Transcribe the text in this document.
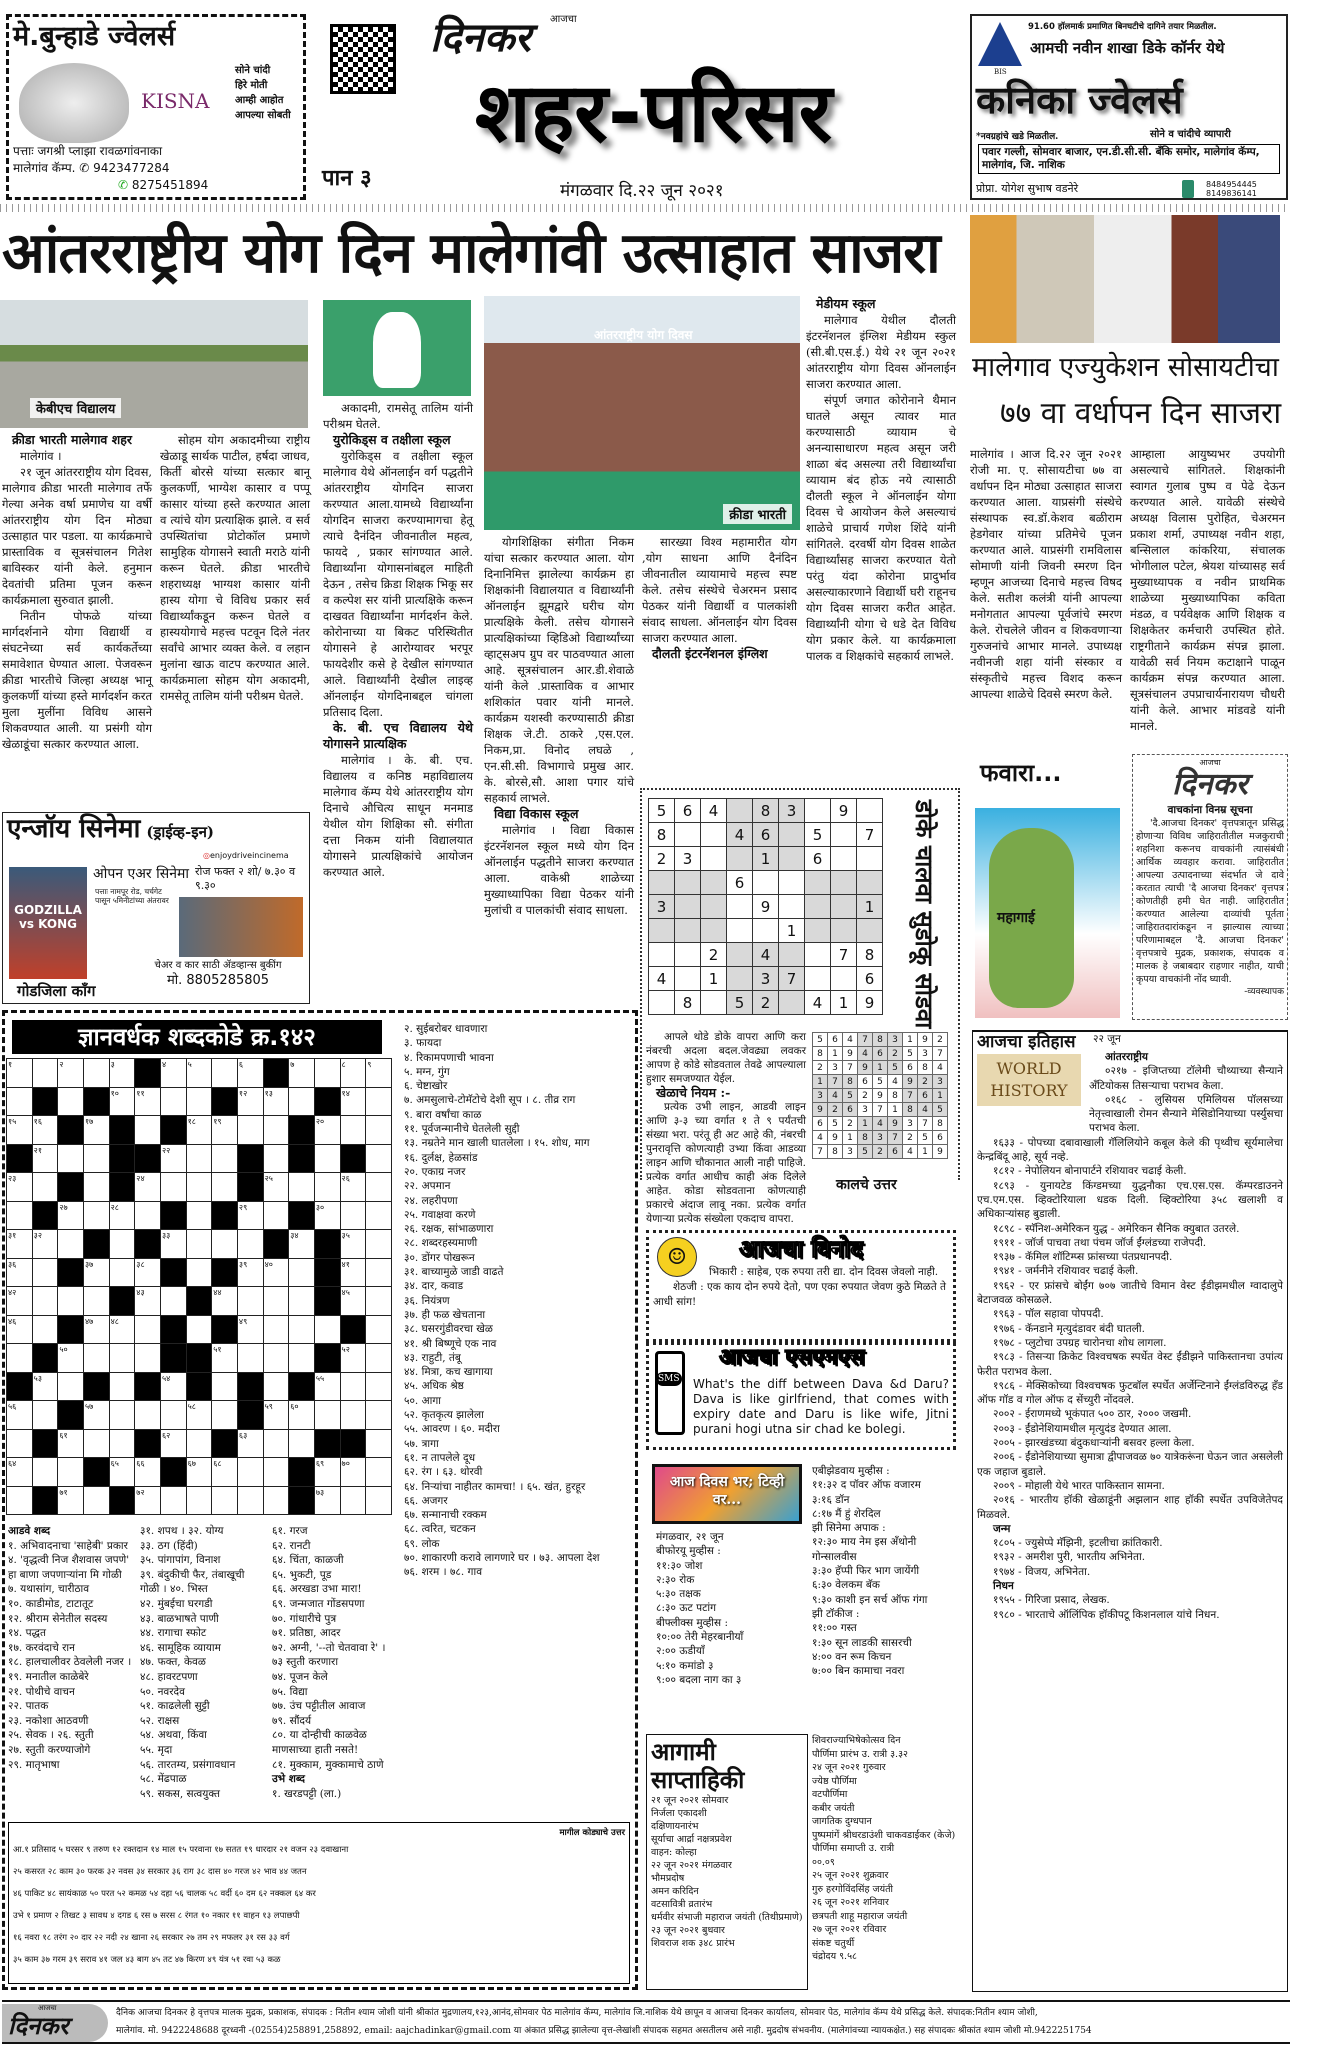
मे.बुन्हाडे ज्वेलर्स
KISNA
सोने चांदी
हिरे मोती
आम्ही आहोत
आपल्या सोबती
पत्ताः जगश्री प्लाझा रावळगांवनाका
मालेगांव कॅम्प. ✆ 9423477284
✆ 8275451894	पान ३
आजचा
दिनकर
शहर-परिसर
मंगळवार दि.२२ जून २०२१
BIS
91.60 हॉलमार्क प्रमाणित बिनघटीचे दागिने तयार मिळतील.
आमची नवीन शाखा डिके कॉर्नर येथे
कनिका ज्वेलर्स
*नवग्रहांचे खडे मिळतील.	सोने व चांदीचे व्यापारी
पवार गल्ली, सोमवार बाजार, एन.डी.सी.सी. बँकि समोर, मालेगांव कॅम्प, मालेगांव, जि. नाशिक
प्रोप्रा. योगेश सुभाष वडनेरे	8484954445
8149836141
आंतरराष्ट्रीय योग दिन मालेगांवी उत्साहात साजरा
केबीएच विद्यालय
आंतरराष्ट्रीय योग दिवस
क्रीडा भारती
क्रीडा भारती मालेगाव शहर

मालेगांव ।

२१ जून आंतरराष्ट्रीय योग दिवस, मालेगाव क्रीडा भारती मालेगाव तर्फे गेल्या अनेक वर्षा प्रमाणेच या वर्षी आंतरराष्ट्रीय योग दिन मोठ्या उत्साहात पार पडला. या कार्यक्रमाचे प्रास्ताविक व सूत्रसंचालन गितेश बाविस्कर यांनी केले. हनुमान देवतांची प्रतिमा पूजन करून कार्यक्रमाला सुरुवात झाली.

नितीन पोफळे यांच्या मार्गदर्शनाने योगा विद्यार्थी व संघटनेच्या सर्व कार्यकर्तेच्या समावेशात घेण्यात आला. पेजवरून क्रीडा भारतीचे जिल्हा अध्यक्ष भानू कुलकर्णी यांच्या हस्ते मार्गदर्शन करत मुला मुलींना विविध आसने शिकवण्यात आली. या प्रसंगी योग खेळाडूंचा सत्कार करण्यात आला.

सोहम योग अकादमीच्या राष्ट्रीय खेळाडू सार्थक पाटील, हर्षदा जाधव, किर्ती बोरसे यांच्या सत्कार बानू कुलकर्णी, भाग्येश कासार व पप्पू कासार यांच्या हस्ते करण्यात आला व त्यांचे योग प्रत्याक्षिक झाले. व सर्व उपस्थितांचा प्रोटोकॉल प्रमाणे सामुहिक योगासने स्वाती मराठे यांनी करून घेतले. क्रीडा भारतीचे शहराध्यक्ष भाग्यश कासार यांनी हास्य योगा चे विविध प्रकार सर्व विद्यार्थ्यांकडून करून घेतले व हास्ययोगाचे महत्त्व पटवून दिले नंतर सर्वांचे आभार व्यक्त केले. व लहान मुलांना खाऊ वाटप करण्यात आले. कार्यक्रमाला सोहम योग अकादमी, रामसेतू तालिम यांनी परीश्रम घेतले.

अकादमी, रामसेतू तालिम यांनी परीश्रम घेतले.

युरोकिड्स व तक्षीला स्कूल

युरोकिड्स व तक्षीला स्कूल मालेगाव येथे ऑनलाईन वर्ग पद्धतीने आंतरराष्ट्रीय योगदिन साजरा करण्यात आला.यामध्ये विद्यार्थ्यांना योगदिन साजरा करण्यामागचा हेतू त्याचे दैनंदिन जीवनातील महत्व, फायदे , प्रकार सांगण्यात आले. विद्यार्थ्यांना योगासनांबद्दल माहिती देऊन , तसेच क्रिडा शिक्षक भिकू सर व कल्पेश सर यांनी प्रात्यक्षिके करून दाखवत विद्यार्थ्यांना मार्गदर्शन केले. कोरोनाच्या या बिकट परिस्थितीत योगासने हे आरोग्यावर भरपूर फायदेशीर कसे हे देखील सांगण्यात आले. विद्यार्थ्यांनी देखील लाइव्ह ऑनलाईन योगदिनाबद्दल चांगला प्रतिसाद दिला.

के. बी. एच विद्यालय येथे योगासने प्रात्यक्षिक

मालेगांव । के. बी. एच. विद्यालय व कनिष्ठ महाविद्यालय मालेगाव कॅम्प येथे आंतरराष्ट्रीय योग दिनाचे औचित्य साधून मनमाड येथील योग शिक्षिका सौ. संगीता दत्ता निकम यांनी विद्यालयात योगासने प्रात्यक्षिकांचे आयोजन करण्यात आले.

योगशिक्षिका संगीता निकम यांचा सत्कार करण्यात आला. योग दिनानिमित्त झालेल्या कार्यक्रम हा शिक्षकांनी विद्यालयात व विद्यार्थ्यांनी ऑनलाईन झूमद्वारे घरीच योग प्रात्यक्षिके केली. तसेच योगासने प्रात्यक्षिकांच्या व्हिडिओ विद्यार्थ्यांच्या व्हाट्सअप ग्रुप वर पाठवण्यात आला आहे. सूत्रसंचालन आर.डी.शेवाळे यांनी केले .प्रास्ताविक व आभार शशिकांत पवार यांनी मानले. कार्यक्रम यशस्वी करण्यासाठी क्रीडा शिक्षक जे.टी. ठाकरे ,एस.एल. निकम,प्रा. विनोद लघळे , एन.सी.सी. विभागाचे प्रमुख आर. के. बोरसे,सौ. आशा पगार यांचे सहकार्य लाभले.

विद्या विकास स्कूल

मालेगांव । विद्या विकास इंटरनॅशनल स्कूल मध्ये योग दिन ऑनलाईन पद्धतीने साजरा करण्यात आला. वाकेश्री शाळेच्या मुख्याध्यापिका विद्या पेठकर यांनी मुलांची व पालकांची संवाद साधला.

सारख्या विश्व महामारीत योग ,योग साधना आणि दैनंदिन जीवनातील व्यायामाचे महत्त्व स्पष्ट केले. तसेच संस्थेचे चेअरमन प्रसाद पेठकर यांनी विद्यार्थी व पालकांशी संवाद साधला. ऑनलाईन योग दिवस साजरा करण्यात आला.

दौलती इंटरनॅशनल इंग्लिश
मेडीयम स्कूल

मालेगाव येथील दौलती इंटरनॅशनल इंग्लिश मेडीयम स्कुल (सी.बी.एस.ई.) येथे २१ जून २०२१ आंतरराष्ट्रीय योगा दिवस ऑनलाईन साजरा करण्यात आला.

संपूर्ण जगात कोरोनाने थैमान घातले असून त्यावर मात करण्यासाठी व्यायाम चे अनन्यासाधारण महत्व असून जरी शाळा बंद असल्या तरी विद्यार्थ्यांचा व्यायाम बंद होऊ नये त्यासाठी दौलती स्कूल ने ऑनलाईन योगा दिवस चे आयोजन केले असल्याचं शाळेचे प्राचार्य गणेश शिंदे यांनी सांगितले. दरवर्षी योग दिवस शाळेत विद्यार्थ्यांसह साजरा करण्यात येतो परंतु यंदा कोरोना प्रादुर्भाव असल्याकारणाने विद्यार्थी घरी राहूनच योग दिवस साजरा करीत आहेत. विद्यार्थ्यांनी योगा चे धडे देत विविध योग प्रकार केले. या कार्यक्रमाला पालक व शिक्षकांचे सहकार्य लाभले.

मालेगाव एज्युकेशन सोसायटीचा
७७ वा वर्धापन दिन साजरा
मालेगांव । आज दि.२२ जून २०२१ रोजी मा. ए. सोसायटीचा ७७ वा वर्धापन दिन मोठ्या उत्साहात साजरा करण्यात आला. याप्रसंगी संस्थेचे संस्थापक स्व.डॉ.केशव बळीराम हेडगेवार यांच्या प्रतिमेचे पूजन करण्यात आले. याप्रसंगी रामविलास सोमाणी यांनी जिवनी स्मरण दिन म्हणून आजच्या दिनाचे महत्त्व विषद केले. सतीश कलंत्री यांनी आपल्या मनोगतात आपल्या पूर्वजांचे स्मरण केले. रोचलेले जीवन व शिकवणाऱ्या गुरुजनांचे आभार मानले. उपाध्यक्ष नवीनजी शहा यांनी संस्कार व संस्कृतीचे महत्त्व विशद करून आपल्या शाळेचे दिवसे स्मरण केले.
आम्हाला आयुष्यभर उपयोगी असल्याचे सांगितले. शिक्षकांनी स्वागत गुलाब पुष्प व पेढे देऊन करण्यात आले. यावेळी संस्थेचे अध्यक्ष विलास पुरोहित, चेअरमन प्रकाश शर्मा, उपाध्यक्ष नवीन शहा, बन्सिलाल कांकरिया, संचालक भोगीलाल पटेल, श्रेयश यांच्यासह सर्व मुख्याध्यापक व नवीन प्राथमिक शाळेच्या मुख्याध्यापिका कविता मंडळ, व पर्यवेक्षक आणि शिक्षक व शिक्षकेतर कर्मचारी उपस्थित होते. राष्ट्रगीताने कार्यक्रम संपन्न झाला. यावेळी सर्व नियम कटाक्षाने पाळून कार्यक्रम संपन्न करण्यात आला. सूत्रसंचालन उपप्राचार्यनारायण चौधरी यांनी केले. आभार मांडवडे यांनी मानले.
एन्जॉय सिनेमा (ड्राईव्ह-इन)
◎enjoydriveincinema
GODZILLA vs KONG
ओपन एअर सिनेमा रोज फक्त २ शो/ ७.३० व ९.३०
पत्ताः नामपूर रोड, चर्चगेट पासून ५मिनीटांच्या अंतरावर
गोडजिला कॉंग
चेअर व कार साठी ॲडव्हान्स बुकींग
मो. 8805285805
ज्ञानवर्धक शब्दकोडे क्र.१४२
१		२		३		४	५		६		७		८	९
				१०	११				१२	१३			१४	
१५	१६		१७				१८	१९				२०		
	२१					२२								
२३					२४					२५			२६	
		२७		२८					२९			३०		
३१	३२					३३					३४		३५	
३६			३७		३८				३९	४०			४१	
४२					४३			४४					४५	
४६			४७	४८					४९					
		५०						५१					५२	
	५३					५४						५५		
५६			५७				५८			५९	६०			
		६१				६२			६३					
६४				६५	६६		६७	६८				६९	७०	
		७१			७२							७३		
२. सुईबरोबर धावणारा
३. फायदा
४. रिकामपणाची भावना
५. मग्न, गुंग
६. चेष्टाखोर
७. अमसुलाचे-टोमॅटोचे देशी सूप । ८. तीव्र राग
९. बारा वर्षांचा काळ
११. पूर्वजन्मानीचे घेतलेली सुद्दी
१३. नम्रतेने मान खाली घातलेला । १५. शोध, माग
१६. दुर्लक्ष, हेळसांड
२०. एकाग्र नजर
२२. अपमान
२४. लहरीपणा
२५. गवाक्षवा करणे
२६. रक्षक, सांभाळणारा
२८. शब्दरहस्यमाणी
३०. डोंगर पोखरून
३१. बाच्यामुळे जाडी वाढते
३४. दार, कवाड
३६. नियंत्रण
३७. ही फळ खेचताना
३८. घसरगुंडीवरचा खेळ
४१. श्री बिष्णूचे एक नाव
४३. राहुटी, तंबू
४४. मित्रा, कच खागाया
४५. अधिक श्रेष्ठ
५०. आगा
५२. कृतकृत्य झालेला
५५. आवरण । ६०. मदीरा
५७. त्रागा
६१. न तापलेले दूध
६२. रंग । ६३. थोरवी
६४. निऱ्यांचा नाहीतर कामचा! । ६५. खंत, हुरहूर
६६. अजगर
६७. सन्मानाची रक्कम
६८. त्वरित, चटकन
६९. लोक
७०. शाकारणी करावे लागणारे घर । ७३. आपला देश
७६. शरम । ७८. गाव
आडवे शब्द
१. अभिवादनाचा 'साहेबी' प्रकार
४. 'वृद्धत्वी निज शैशवास जपणे' हा बाणा जपणाऱ्यांना मि गोळी
७. यथासांग, चारीठाव
१०. काडीमोड, टाटातूट
१२. श्रीराम सेनेतील सदस्य
१४. पद्धत
१७. करवंदाचे रान
१८. हालचालीवर ठेवलेली नजर । १९. मनातील काळेबेरे
२१. पोथीचे वाचन
२२. पातक
२३. नकोशा आठवणी
२५. सेवक । २६. स्तुती
२७. स्तुती करण्याजोगे
२९. मातृभाषा
३१. शपथ । ३२. योग्य
३३. ठग (हिंदी)
३५. पांगापांग, विनाश
३९. बंदुकीची फैर, तंबाखूची गोळी । ४०. भिस्त
४२. मुंबईचा घरगडी
४३. बाळभाषते पाणी
४४. रागाचा स्फोट
४६. सामूहिक व्यायाम
४७. फक्त, केवळ
४८. हावरटपणा
५०. नवरदेव
५१. काढलेली सुट्टी
५२. राक्षस
५४. अथवा, किंवा
५५. मृदा
५६. तारतम्य, प्रसंगावधान
५८. मेंढपाळ
५९. सकस, सत्वयुक्त
६१. गरज
६२. रानटी
६४. चिंता, काळजी
६५. भुकटी, पूड
६६. अरखडा उभा मारा!
६९. जन्मजात गोंडसपणा
७०. गांधारीचे पुत्र
७१. प्रतिष्ठा, आदर
७२. अग्नी, '--तो चेतवावा रे' । ७३ स्तुती करणारा
७४. पूजन केले
७५. विद्या
७७. उंच पट्टीतील आवाज
७९. सौंदर्य
८०. या दोन्हीची काळवेळ माणसाच्या हाती नसते!
८१. मुक्काम, मुक्कामाचे ठाणे
उभे शब्द
१. खरडपट्टी (ला.)
मागील कोड्याचे उत्तर
आ.१ प्रतिसाद ५ घरसर ९ तरुण १२ रक्तदान १४ माल १५ परवाना १७ सतत १९ धारदार २१ वजन २३ दवाखाना
२५ कसरत २८ काम ३० फरक ३२ नवस ३४ सरकार ३६ राग ३८ दास ४० गरज ४२ भाव ४४ जतन
४६ पाकिट ४८ सायंकाळ ५० परत ५२ कमळ ५४ दहा ५६ चालक ५८ वर्दी ६० दम ६२ नक्कल ६४ कर
उभे १ प्रमाण २ तिखट ३ सावध ४ दगड ६ रस ७ सरस ८ रंगत १० नकार ११ वाहन १३ लपाछपी
१६ नवरा १८ तरंग २० दार २२ नदी २४ खाना २६ सरकार २७ तम २९ मफलर ३१ रस ३३ वर्ग
३५ काम ३७ गरम ३९ सराव ४१ जल ४३ बाग ४५ तट ४७ किरण ४९ यंत्र ५१ रवा ५३ कळ
5	6	4		8	3		9	
8			4	6		5		7
2	3			1		6		
			6					
3				9				1
					1			
		2		4			7	8
4		1		3	7			6
	8		5	2		4	1	9 डोके चालवा सुडोकू सोडवा

आपले थोडे डोके वापरा आणि करा नंबरची अदला बदल.जेवढ्या लवकर आपण हे कोडे सोडवताल तेवढे आपल्याला हुशार समजण्यात येईल.

खेळाचे नियम :-

प्रत्येक उभी लाइन, आडवी लाइन आणि ३-३ च्या वर्गात १ ते ९ पर्यंतची संख्या भरा. परंतू ही अट आहे की, नंबरची पुनरावृत्ति कोणत्याही उभ्या किंवा आडव्या लाइन आणि चौकानात आली नाही पाहिजे. प्रत्येक वर्गात आधीच काही अंक दिलेले आहेत. कोडा सोडवताना कोणत्याही प्रकारचे अंदाज लावू नका. प्रत्येक वर्गात येणाऱ्या प्रत्येक संख्येला एकदाच वापरा.

5	6	4	7	8	3	1	9	2
8	1	9	4	6	2	5	3	7
2	3	7	9	1	5	6	8	4
1	7	8	6	5	4	9	2	3
3	4	5	2	9	8	7	6	1
9	2	6	3	7	1	8	4	5
6	5	2	1	4	9	3	7	8
4	9	1	8	3	7	2	5	6
7	8	3	5	2	6	4	1	9
कालचे उत्तर
☺	आजचा विनोद
भिकारी : साहेब, एक रुपया तरी द्या. दोन दिवस जेवलो नाही.
शेठजी : एक काय दोन रुपये देतो, पण एका रुपयात जेवण कुठे मिळते ते आधी सांग!
SMS
आजचा एसएमएस
What's the diff between Dava &d Daru? Dava is like girlfriend, that comes with expiry date and Daru is like wife, Jitni purani hogi utna sir chad ke bolegi.
आज दिवस भर; टिव्ही वर...
मंगळवार, २१ जून
बीफोरयू मुव्हीस :
११:३० जोश
२:३० रोक
५:३० तक्षक
८:३० ऊट पटांग
बीफ्लीक्स मुव्हीस :
१०:०० तेरी मेहरबानीयाँ
२:०० ऊडीयाँ
५:१० कमांडो ३
९:०० बदला नाग का ३
एबीझेडवाय मुव्हीस :
११:३२ द पॉवर ऑफ वजारम
३:१६ डॉन
८:१७ मैं हुं शेरदिल
झी सिनेमा अपाक :
१२:३० माय नेम इस अँथोनी गोन्सालवीस
३:३० हॅप्पी फिर भाग जायेंगी
६:३० वेलकम बॅक
९:३० काशी इन सर्च ऑफ गंगा
झी टॉकीज :
११:०० गस्त
१:३० सून लाडकी सासरची
४:०० वन रूम किचन
७:०० बिन कामाचा नवरा
आगामी
साप्ताहिकी
२१ जून २०२१ सोमवार
निर्जला एकादशी
दक्षिणायनारंभ
सूर्याचा आर्द्रा नक्षत्रप्रवेश
वाहन: कोल्हा
२२ जून २०२१ मंगळवार
भौमप्रदोष
अमन करिदिन
वटसावित्री व्रतारंभ
धर्मवीर संभाजी महाराज जयंती (तिथीप्रमाणे)
२३ जून २०२१ बुधवार
शिवराज शक ३४८ प्रारंभ
शिवराज्याभिषेकोत्सव दिन
पौर्णिमा प्रारंभ उ. रात्री ३.३२
२४ जून २०२१ गुरुवार
ज्येष्ठ पौर्णिमा
वटपौर्णिमा
कबीर जयंती
जागतिक दुग्धपान
पुष्पमांगें श्रीधरडाउंशी चाकवडाईकर (केजे) पौर्णिमा समाप्ती उ. रात्री
००.०९
२५ जून २०२१ शुक्रवार
गुरु हरगोविंदसिंह जयंती
२६ जून २०२१ शनिवार
छत्रपती शाहू महाराज जयंती
२७ जून २०२१ रविवार
संकष्ट चतुर्थी
चंद्रोदय ९.५८
फवारा...
महागाई
आजचा
दिनकर
वाचकांना विनम्र सूचना
'दै.आजचा दिनकर' वृत्तपत्रातून प्रसिद्ध होणाऱ्या विविध जाहिरातीतील मजकुराची शहनिशा करूनच वाचकांनी त्यासंबंधी आर्थिक व्यवहार करावा. जाहिरातीत आपल्या उत्पादनाच्या संदर्भात जे दावे करतात त्याची 'दै आजचा दिनकर' वृत्तपत्र कोणतीही हमी घेत नाही. जाहिरातीत करण्यात आलेल्या दाव्यांची पूर्तता जाहिरातदारांकडून न झाल्यास त्याच्या परिणामाबद्दल 'दै. आजचा दिनकर' वृत्तपत्राचे मुद्रक, प्रकाशक, संपादक व मालक हे जबाबदार राहणार नाहीत, याची कृपया वाचकांनी नोंद घ्यावी.
-व्यवस्थापक
आजचा इतिहास
WORLD HISTORY
२२ जून
आंतरराष्ट्रीय
०२१७ - इजिप्तच्या टॉलेमी चौथ्याच्या सैन्याने ॲंटियोकस तिसऱ्याचा पराभव केला.
०१६८ - लुसियस एमिलियस पॉलसच्या नेतृत्त्वाखाली रोमन सैन्याने मेसिडोनियाच्या पर्स्युसचा पराभव केला.
१६३३ - पोपच्या दबावाखाली गॅलिलियोने कबूल केले की पृथ्वीच सूर्यमालेचा केन्द्रबिंदू आहे, सूर्य नव्हे.
१८१२ - नेपोलियन बोनापार्टने रशियावर चढाई केली.
१८९३ - युनायटेड किंग्डमच्या युद्धनौका एच.एस.एस. कॅम्परडाउनने एच.एम.एस. व्हिक्टोरियाला धडक दिली. व्हिक्टोरिया ३५८ खलाशी व अधिकाऱ्यांसह बुडाली.
१८९८ - स्पॅनिश-अमेरिकन युद्ध - अमेरिकन सैनिक क्युबात उतरले.
१९११ - जॉर्ज पाचवा तथा पंचम जॉर्ज ईंग्लंडच्या राजेपदी.
१९३७ - कॅमिल शॉटिम्प्स फ्रांसच्या पंतप्रधानपदी.
१९४१ - जर्मनीने रशियावर चढाई केली.
१९६२ - एर फ्रांसचे बोईंग ७०७ जातीचे विमान वेस्ट ईंडीझमधील ग्वादालुपे बेटाजवळ कोसळले.
१९६३ - पॉल सहावा पोपपदी.
१९७६ - कॅनडाने मृत्युदंडावर बंदी घातली.
१९७८ - प्लुटोचा उपग्रह चारोनचा शोध लागला.
१९८३ - तिसऱ्या क्रिकेट विश्वचषक स्पर्धेत वेस्ट ईंडीझने पाकिस्तानचा उपांत्य फेरीत पराभव केला.
१९८६ - मेक्सिकोच्या विश्वचषक फुटबॉल स्पर्धेत अर्जेन्टिनाने ईंग्लंडविरुद्ध हँड ऑफ गॉड व गोल ऑफ द सेंच्युरी नोंदवले.
२००२ - ईराणमध्ये भूकंपात ५०० ठार, २००० जखमी.
२००३ - ईंडोनेशियामधील मृत्युदंड देण्यात आला.
२००५ - झारखंडच्या बंदुकधाऱ्यांनी बसवर हल्ला केला.
२००६ - ईंडोनेशियाच्या सुमात्रा द्वीपाजवळ ७० यात्रेकरूंना घेऊन जात असलेली एक जहाज बुडाले.
२००९ - मोहाली येथे भारत पाकिस्तान सामना.
२०१६ - भारतीय हॉकी खेळाडूंनी अझलान शाह हॉकी स्पर्धेत उपविजेतेपद मिळवले.
जन्म
१८०५ - ज्युसेप्पे मॅझिनी, इटलीचा क्रांतिकारी.
१९३२ - अमरीश पुरी, भारतीय अभिनेता.
१९७४ - विजय, अभिनेता.
निधन
१९५५ - गिरिजा प्रसाद, लेखक.
१९८० - भारताचे ऑलिंपिक हॉकीपटू किशनलाल यांचे निधन.
आजचा
दिनकर	दैनिक आजचा दिनकर हे वृत्तपत्र मालक मुद्रक, प्रकाशक, संपादक : नितीन श्याम जोशी यांनी श्रीकांत मुद्रणालय,१२३,आनंद,सोमवार पेठ मालेगांव कॅम्प, मालेगांव जि.नाशिक येथे छापून व आजचा दिनकर कार्यालय, सोमवार पेठ, मालेगांव कॅम्प येथे प्रसिद्ध केले. संपादक:नितीन श्याम जोशी,
मालेगांव. मो. 9422248688 दूरध्वनी -(02554)258891,258892, email: aajchadinkar@gmail.com या अंकात प्रसिद्ध झालेल्या वृत्त-लेखांशी संपादक सहमत असतीलच असे नाही. मुद्रदोष संभवनीय. (मालेगांवच्या न्यायकक्षेत.) सह संपादकः श्रीकांत श्याम जोशी मो.9422251754
